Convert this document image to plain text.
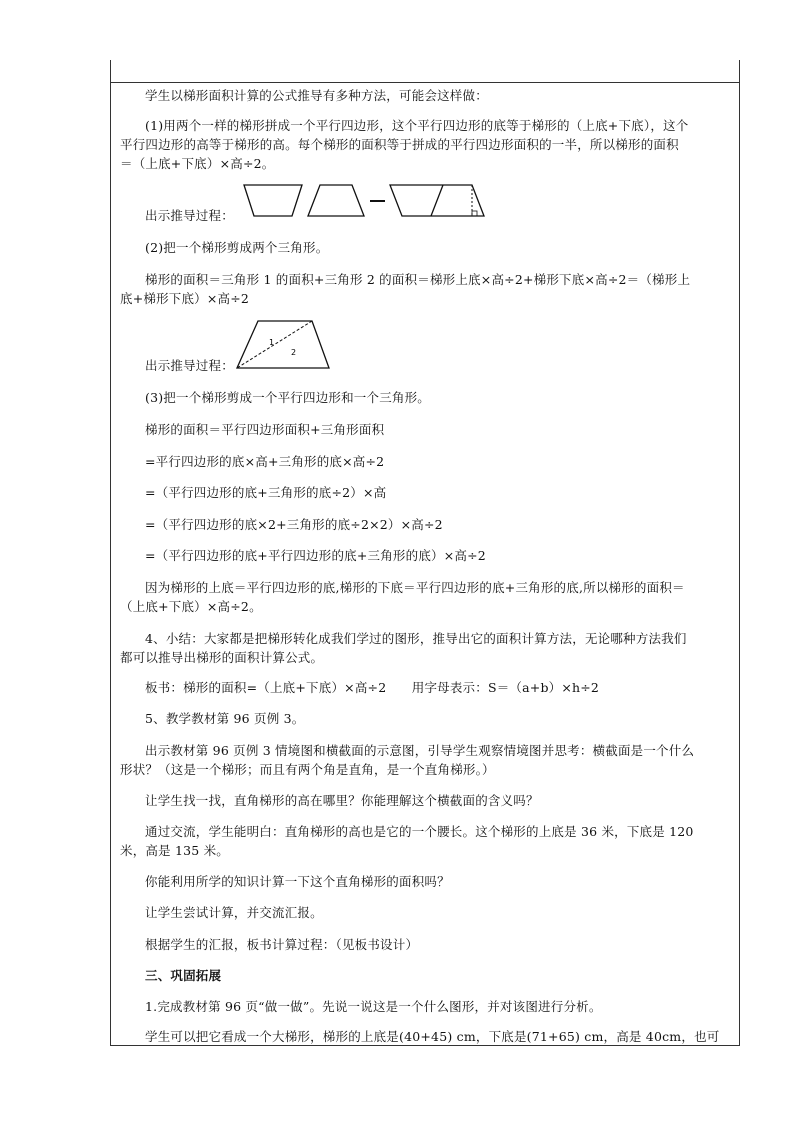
学生以梯形面积计算的公式推导有多种方法，可能会这样做：
(1)用两个一样的梯形拼成一个平行四边形，这个平行四边形的底等于梯形的（上底+下底），这个
平行四边形的高等于梯形的高。每个梯形的面积等于拼成的平行四边形面积的一半，所以梯形的面积
＝（上底+下底）×高÷2。
出示推导过程：
(2)把一个梯形剪成两个三角形。
梯形的面积＝三角形 1 的面积+三角形 2 的面积＝梯形上底×高÷2+梯形下底×高÷2＝（梯形上
底+梯形下底）×高÷2
1
2
出示推导过程：
(3)把一个梯形剪成一个平行四边形和一个三角形。
梯形的面积＝平行四边形面积+三角形面积
=平行四边形的底×高+三角形的底×高÷2
=（平行四边形的底+三角形的底÷2）×高
=（平行四边形的底×2+三角形的底÷2×2）×高÷2
=（平行四边形的底+平行四边形的底+三角形的底）×高÷2
因为梯形的上底＝平行四边形的底,梯形的下底＝平行四边形的底+三角形的底,所以梯形的面积＝
（上底+下底）×高÷2。
4、小结：大家都是把梯形转化成我们学过的图形，推导出它的面积计算方法，无论哪种方法我们
都可以推导出梯形的面积计算公式。
板书：梯形的面积=（上底+下底）×高÷2　　用字母表示：S＝（a+b）×h÷2
5、教学教材第 96 页例 3。
出示教材第 96 页例 3 情境图和横截面的示意图，引导学生观察情境图并思考：横截面是一个什么
形状？（这是一个梯形；而且有两个角是直角，是一个直角梯形。）
让学生找一找，直角梯形的高在哪里？你能理解这个横截面的含义吗？
通过交流，学生能明白：直角梯形的高也是它的一个腰长。这个梯形的上底是 36 米，下底是 120
米，高是 135 米。
你能利用所学的知识计算一下这个直角梯形的面积吗？
让学生尝试计算，并交流汇报。
根据学生的汇报，板书计算过程：（见板书设计）
三、巩固拓展
1.完成教材第 96 页“做一做”。先说一说这是一个什么图形，并对该图进行分析。
学生可以把它看成一个大梯形，梯形的上底是(40+45) cm，下底是(71+65) cm，高是 40cm，也可
